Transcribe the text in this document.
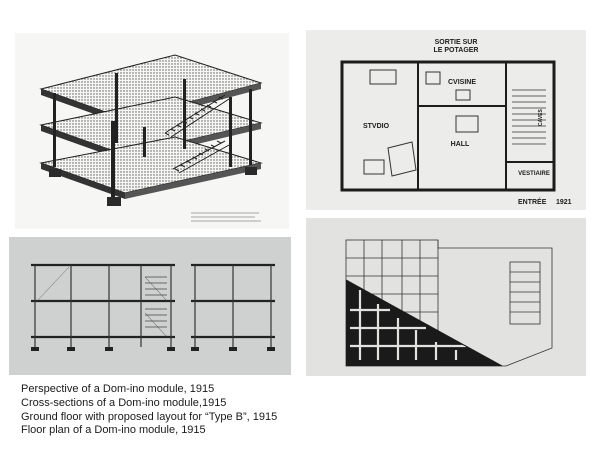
SORTIE SUR
LE POTAGER
CVISINE
STVDIO
HALL
VESTIAIRE
ENTRÉE 1921
CAVES
Perspective of a Dom-ino module, 1915
Cross-sections of a Dom-ino module,1915
Ground floor with proposed layout for “Type B”, 1915
Floor plan of a Dom-ino module, 1915
